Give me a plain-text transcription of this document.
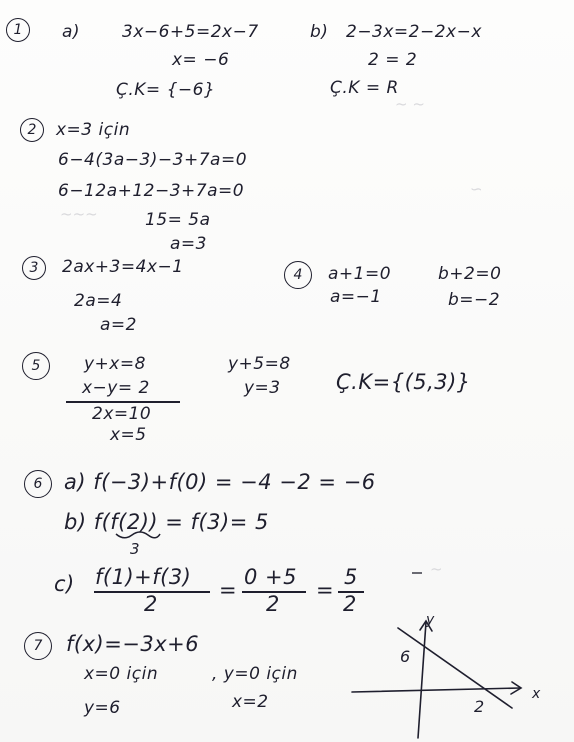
~ ~
∽
~~~
~
1	a) 3x−6+5=2x−7
x= −6
Ç.K= {−6}
b) 2−3x=2−2x−x
2 = 2
Ç.K = R
2	x=3 için
6−4(3a−3)−3+7a=0
6−12a+12−3+7a=0
15= 5a
a=3
3	2ax+3=4x−1
2a=4
a=2
4	a+1=0
a=−1
b+2=0
b=−2
5	y+x=8
x−y= 2
2x=10
x=5
y+5=8
y=3	Ç.K={(5,3)}
6	a) f(−3)+f(0) = −4 −2 = −6
b) f(f(2)) = f(3)= 5
3
c) f(1)+f(3)
2
=
0 +5
2
=
5
2
7	f(x)=−3x+6
x=0 için	, y=0 için
y=6	x=2
y
x
6
2
